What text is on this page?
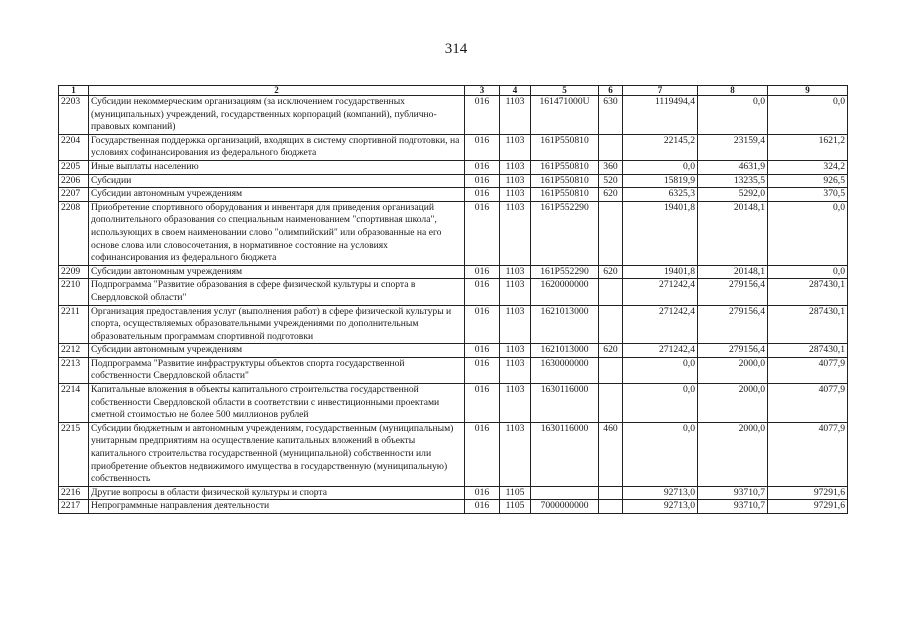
314
1	2	3	4	5	6	7	8	9
2203	Субсидии некоммерческим организациям (за исключением государственных (муниципальных) учреждений, государственных корпораций (компаний), публично-правовых компаний)	016	1103	161471000U	630	1119494,4	0,0	0,0
2204	Государственная поддержка организаций, входящих в систему спортивной подготовки, на условиях софинансирования из федерального бюджета	016	1103	161P550810		22145,2	23159,4	1621,2
2205	Иные выплаты населению	016	1103	161P550810	360	0,0	4631,9	324,2
2206	Субсидии	016	1103	161P550810	520	15819,9	13235,5	926,5
2207	Субсидии автономным учреждениям	016	1103	161P550810	620	6325,3	5292,0	370,5
2208	Приобретение спортивного оборудования и инвентаря для приведения организаций дополнительного образования со специальным наименованием "спортивная школа", использующих в своем наименовании слово "олимпийский" или образованные на его основе слова или словосочетания, в нормативное состояние на условиях софинансирования из федерального бюджета	016	1103	161P552290		19401,8	20148,1	0,0
2209	Субсидии автономным учреждениям	016	1103	161P552290	620	19401,8	20148,1	0,0
2210	Подпрограмма "Развитие образования в сфере физической культуры и спорта в Свердловской области"	016	1103	1620000000		271242,4	279156,4	287430,1
2211	Организация предоставления услуг (выполнения работ) в сфере физической культуры и спорта, осуществляемых образовательными учреждениями по дополнительным образовательным программам спортивной подготовки	016	1103	1621013000		271242,4	279156,4	287430,1
2212	Субсидии автономным учреждениям	016	1103	1621013000	620	271242,4	279156,4	287430,1
2213	Подпрограмма "Развитие инфраструктуры объектов спорта государственной собственности Свердловской области"	016	1103	1630000000		0,0	2000,0	4077,9
2214	Капитальные вложения в объекты капитального строительства государственной собственности Свердловской области в соответствии с инвестиционными проектами сметной стоимостью не более 500 миллионов рублей	016	1103	1630116000		0,0	2000,0	4077,9
2215	Субсидии бюджетным и автономным учреждениям, государственным (муниципальным) унитарным предприятиям на осуществление капитальных вложений в объекты капитального строительства государственной (муниципальной) собственности или приобретение объектов недвижимого имущества в государственную (муниципальную) собственность	016	1103	1630116000	460	0,0	2000,0	4077,9
2216	Другие вопросы в области физической культуры и спорта	016	1105			92713,0	93710,7	97291,6
2217	Непрограммные направления деятельности	016	1105	7000000000		92713,0	93710,7	97291,6
